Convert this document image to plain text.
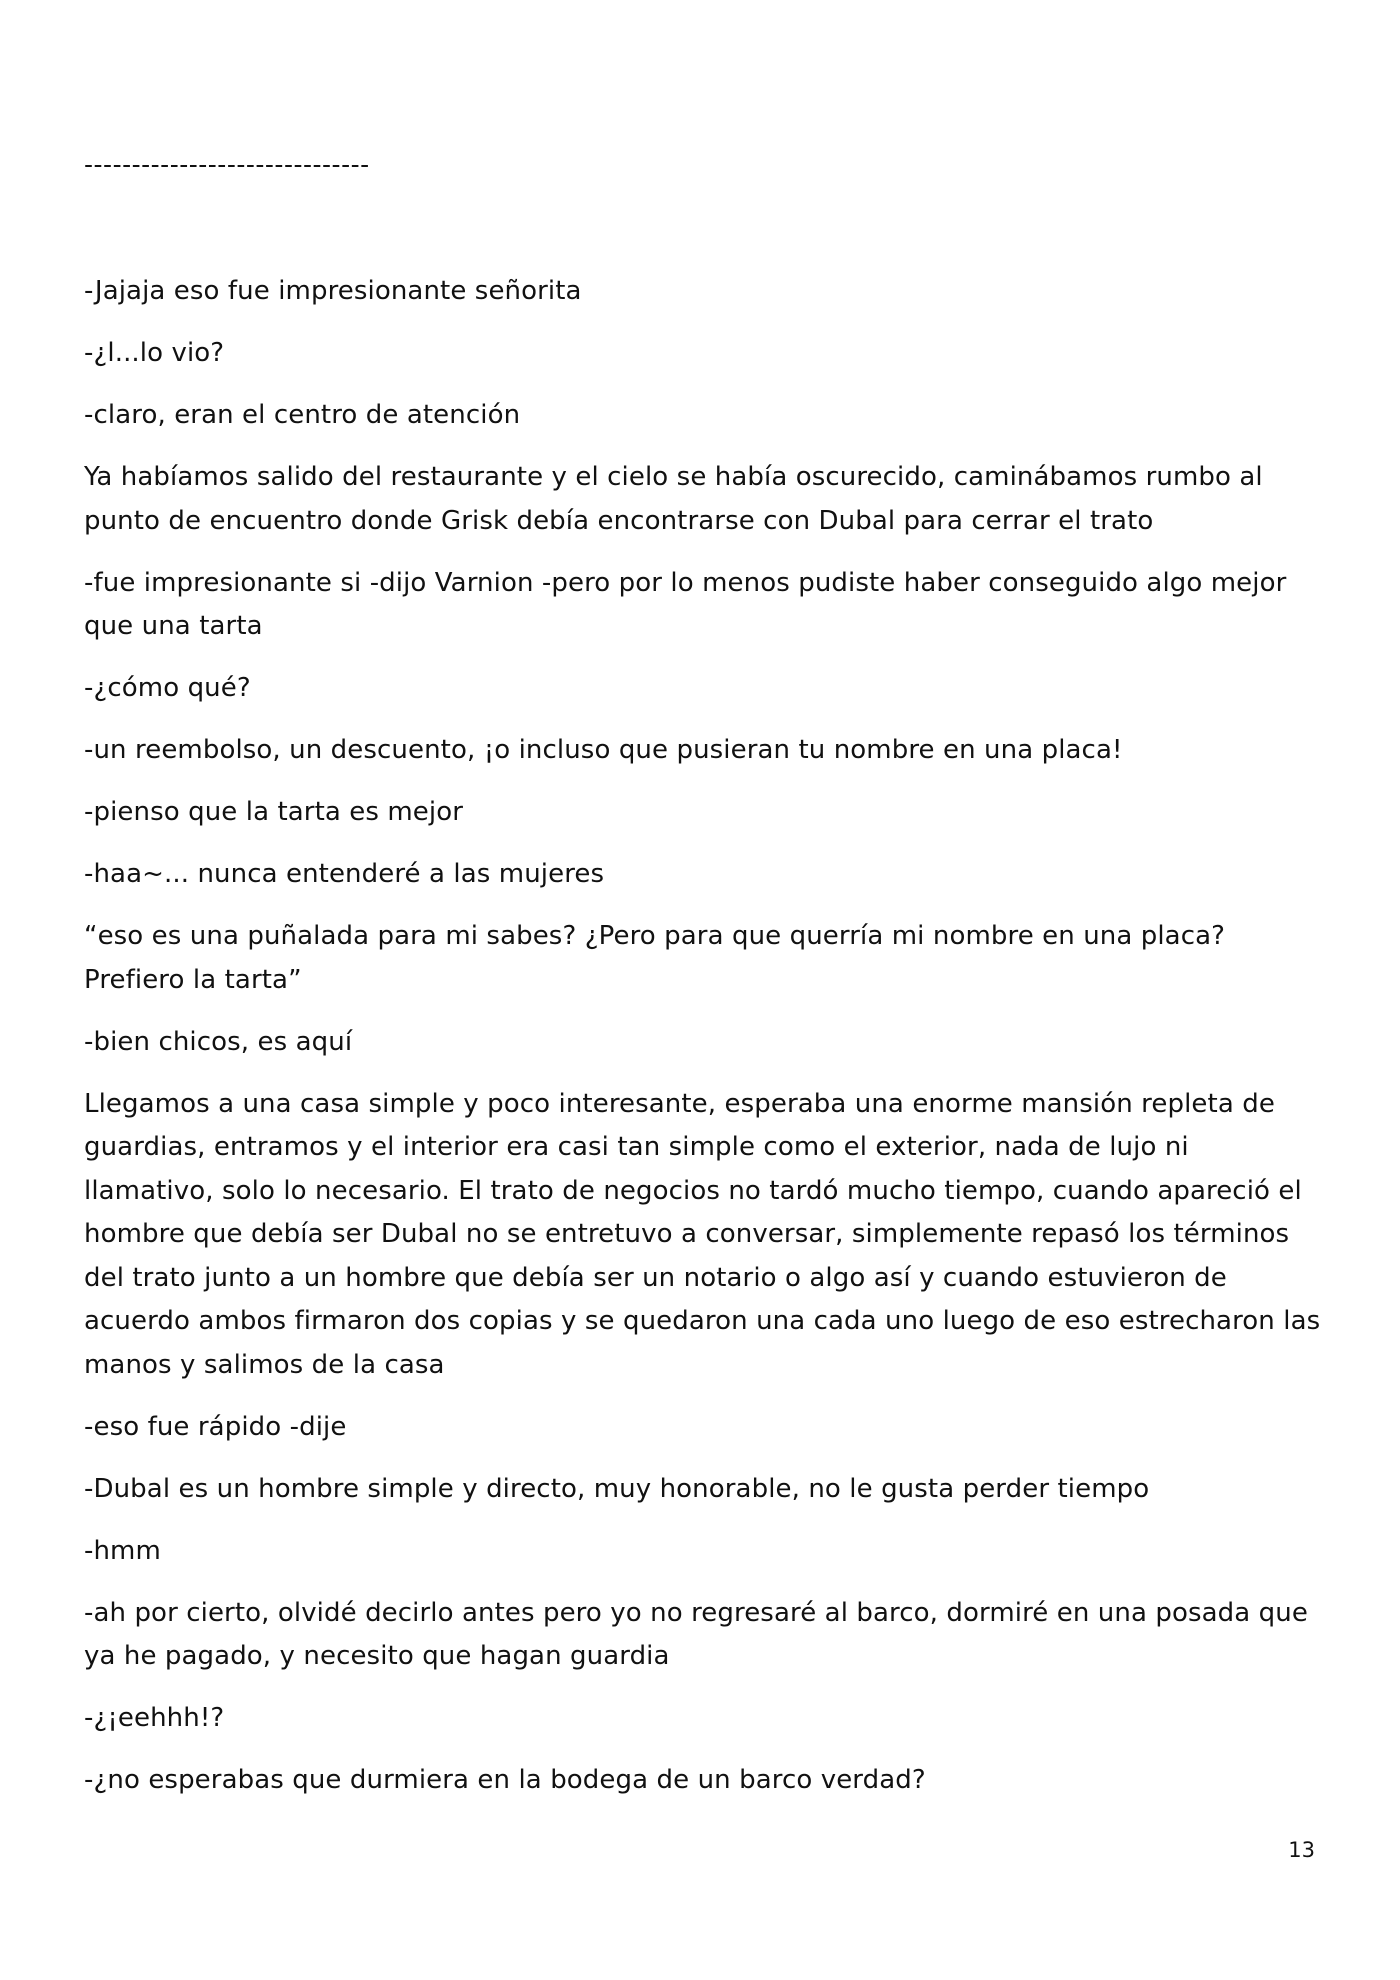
------------------------------

-Jajaja eso fue impresionante señorita

-¿l...lo vio?

-claro, eran el centro de atención

Ya habíamos salido del restaurante y el cielo se había oscurecido, caminábamos rumbo al punto de encuentro donde Grisk debía encontrarse con Dubal para cerrar el trato

-fue impresionante si -dijo Varnion -pero por lo menos pudiste haber conseguido algo mejor que una tarta

-¿cómo qué?

-un reembolso, un descuento, ¡o incluso que pusieran tu nombre en una placa!

-pienso que la tarta es mejor

-haa~... nunca entenderé a las mujeres

“eso es una puñalada para mi sabes? ¿Pero para que querría mi nombre en una placa? Prefiero la tarta”

-bien chicos, es aquí

Llegamos a una casa simple y poco interesante, esperaba una enorme mansión repleta de guardias, entramos y el interior era casi tan simple como el exterior, nada de lujo ni llamativo, solo lo necesario. El trato de negocios no tardó mucho tiempo, cuando apareció el hombre que debía ser Dubal no se entretuvo a conversar, simplemente repasó los términos del trato junto a un hombre que debía ser un notario o algo así y cuando estuvieron de acuerdo ambos firmaron dos copias y se quedaron una cada uno luego de eso estrecharon las manos y salimos de la casa

-eso fue rápido -dije

-Dubal es un hombre simple y directo, muy honorable, no le gusta perder tiempo

-hmm

-ah por cierto, olvidé decirlo antes pero yo no regresaré al barco, dormiré en una posada que ya he pagado, y necesito que hagan guardia

-¿¡eehhh!?

-¿no esperabas que durmiera en la bodega de un barco verdad?

13
